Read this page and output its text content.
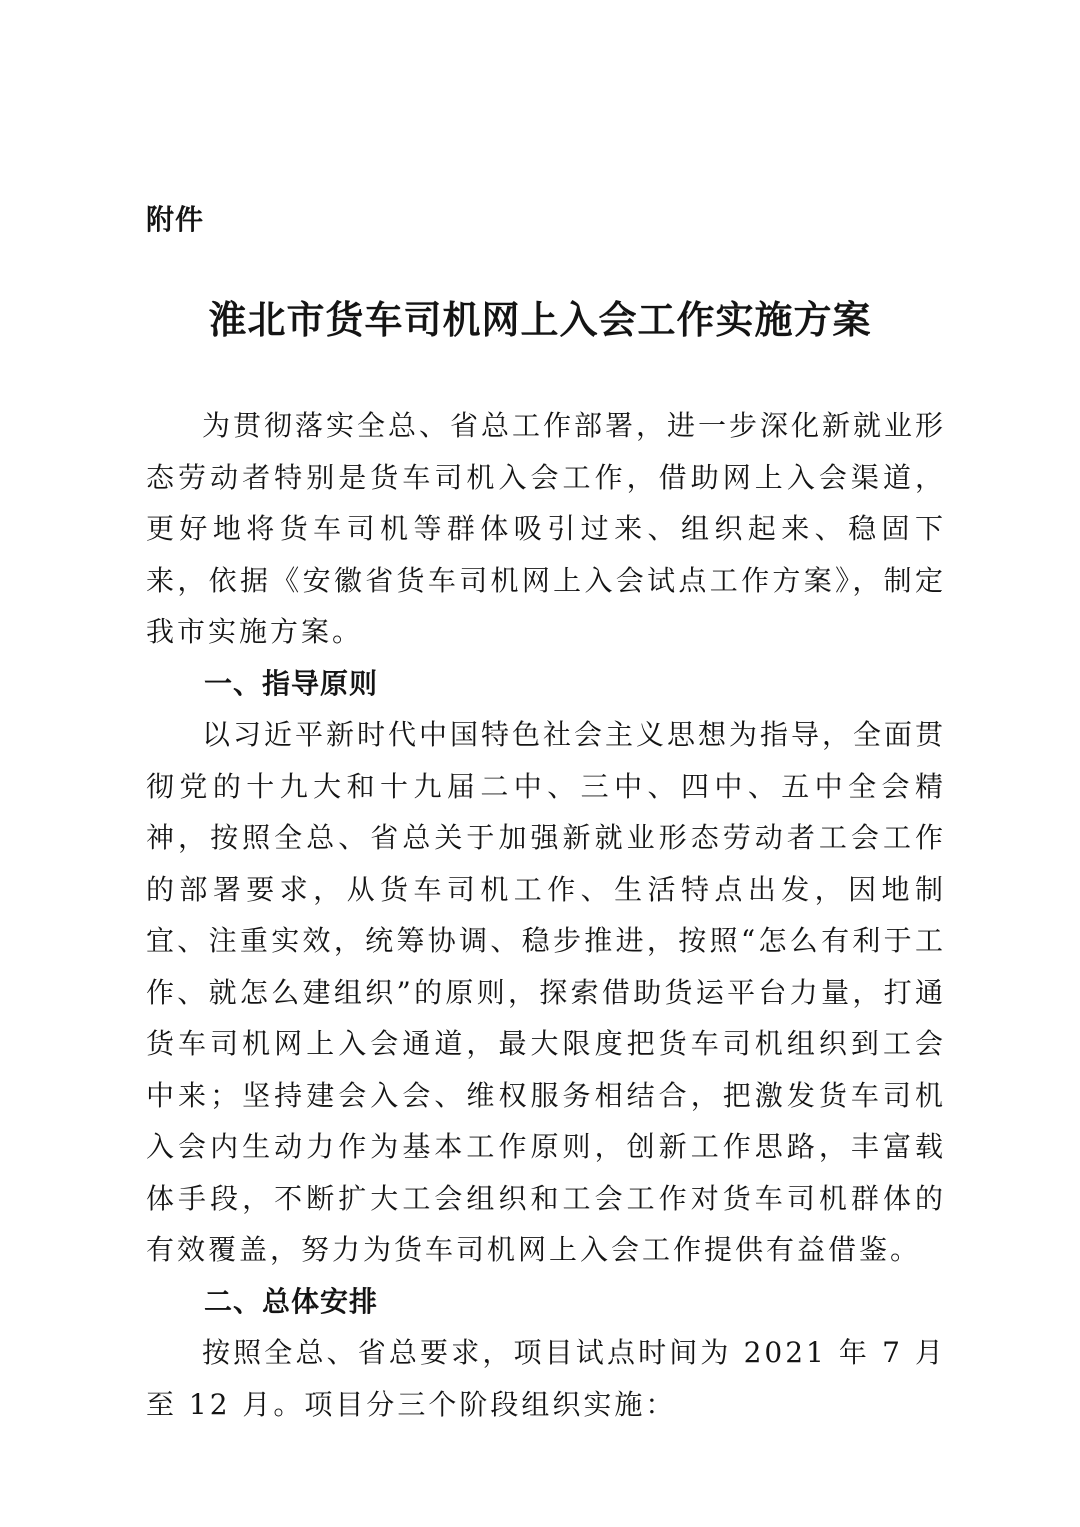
附件
淮北市货车司机网上入会工作实施方案

为贯彻落实全总、省总工作部署，进一步深化新就业形态劳动者特别是货车司机入会工作，借助网上入会渠道，更好地将货车司机等群体吸引过来、组织起来、稳固下来，依据《安徽省货车司机网上入会试点工作方案》，制定我市实施方案。

一、指导原则

以习近平新时代中国特色社会主义思想为指导，全面贯彻党的十九大和十九届二中、三中、四中、五中全会精神，按照全总、省总关于加强新就业形态劳动者工会工作的部署要求，从货车司机工作、生活特点出发，因地制宜、注重实效，统筹协调、稳步推进，按照“怎么有利于工作、就怎么建组织”的原则，探索借助货运平台力量，打通货车司机网上入会通道，最大限度把货车司机组织到工会中来；坚持建会入会、维权服务相结合，把激发货车司机入会内生动力作为基本工作原则，创新工作思路，丰富载体手段，不断扩大工会组织和工会工作对货车司机群体的有效覆盖，努力为货车司机网上入会工作提供有益借鉴。

二、总体安排

按照全总、省总要求，项目试点时间为 2021 年 7 月至 12 月。项目分三个阶段组织实施：
